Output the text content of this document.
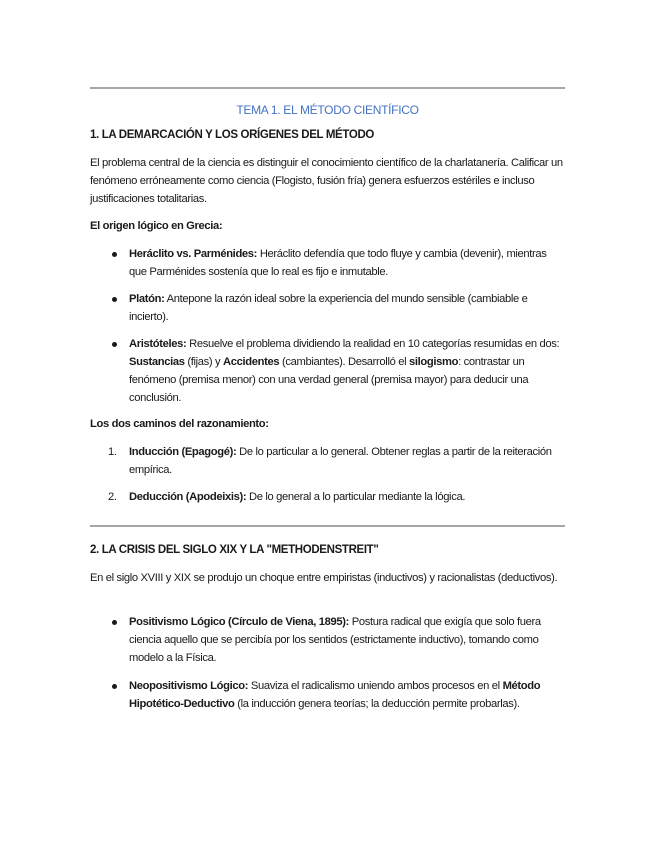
TEMA 1. EL MÉTODO CIENTÍFICO
1. LA DEMARCACIÓN Y LOS ORÍGENES DEL MÉTODO
El problema central de la ciencia es distinguir el conocimiento científico de la charlatanería. Calificar un fenómeno erróneamente como ciencia (Flogisto, fusión fría) genera esfuerzos estériles e incluso justificaciones totalitarias.
El origen lógico en Grecia:
Heráclito vs. Parménides: Heráclito defendía que todo fluye y cambia (devenir), mientras que Parménides sostenía que lo real es fijo e inmutable.
Platón: Antepone la razón ideal sobre la experiencia del mundo sensible (cambiable e incierto).
Aristóteles: Resuelve el problema dividiendo la realidad en 10 categorías resumidas en dos: Sustancias (fijas) y Accidentes (cambiantes). Desarrolló el silogismo: contrastar un fenómeno (premisa menor) con una verdad general (premisa mayor) para deducir una conclusión.
Los dos caminos del razonamiento:
1.	Inducción (Epagogé): De lo particular a lo general. Obtener reglas a partir de la reiteración empírica.
2.	Deducción (Apodeixis): De lo general a lo particular mediante la lógica.
2. LA CRISIS DEL SIGLO XIX Y LA "METHODENSTREIT"
En el siglo XVIII y XIX se produjo un choque entre empiristas (inductivos) y racionalistas (deductivos).
Positivismo Lógico (Círculo de Viena, 1895): Postura radical que exigía que solo fuera ciencia aquello que se percibía por los sentidos (estrictamente inductivo), tomando como modelo a la Física.
Neopositivismo Lógico: Suaviza el radicalismo uniendo ambos procesos en el Método Hipotético-Deductivo (la inducción genera teorías; la deducción permite probarlas).
